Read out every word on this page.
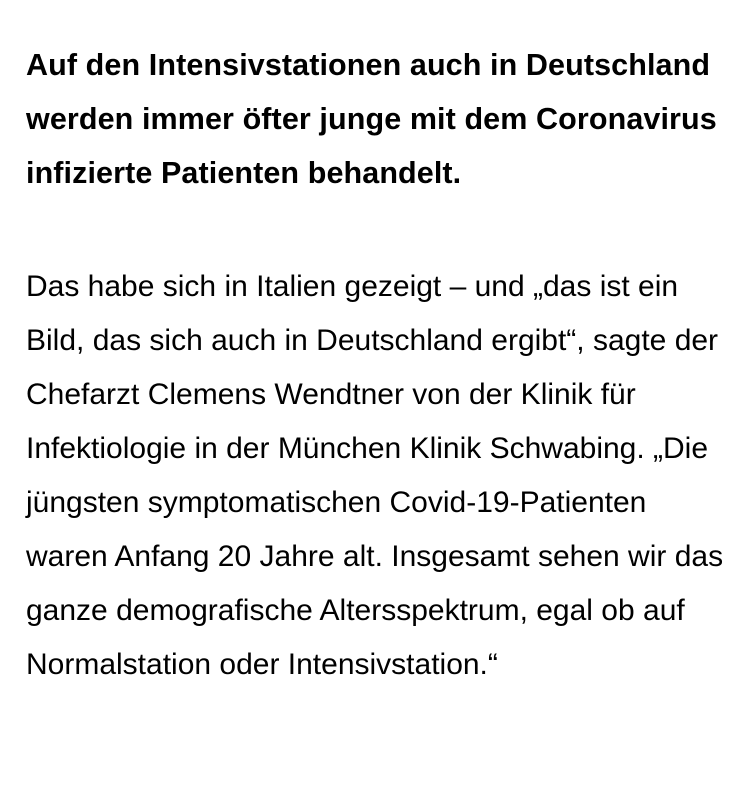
Auf den Intensivstationen auch in Deutschland werden immer öfter junge mit dem Coronavirus infizierte Patienten behandelt.

Das habe sich in Italien gezeigt – und „das ist ein Bild, das sich auch in Deutschland ergibt“, sagte der Chefarzt Clemens Wendtner von der Klinik für Infektiologie in der München Klinik Schwabing. „Die jüngsten symptomatischen Covid-19-Patienten waren Anfang 20 Jahre alt. Insgesamt sehen wir das ganze demografische Altersspektrum, egal ob auf Normalstation oder Intensivstation.“
